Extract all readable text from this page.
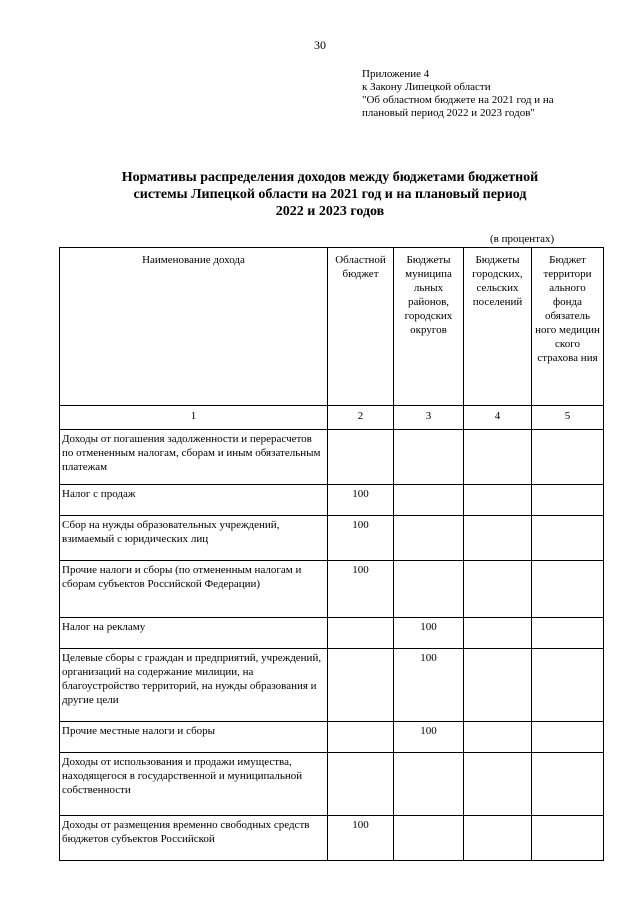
30
Приложение 4
к Закону Липецкой области
"Об областном бюджете на 2021 год и на
плановый период 2022 и 2023 годов"
Нормативы распределения доходов между бюджетами бюджетной
системы Липецкой области на 2021 год и на плановый период
2022 и 2023 годов
(в процентах)
Наименование дохода	Областной бюджет	Бюджеты муниципа льных районов, городских округов	Бюджеты городских, сельских поселений	Бюджет территори ального фонда обязатель ного медицин ского страхова ния
1	2	3	4	5
Доходы от погашения задолженности и перерасчетов по отмененным налогам, сборам и иным обязательным платежам				
Налог с продаж	100			
Сбор на нужды образовательных учреждений, взимаемый с юридических лиц	100			
Прочие налоги и сборы (по отмененным налогам и сборам субъектов Российской Федерации)	100			
Налог на рекламу		100		
Целевые сборы с граждан и предприятий, учреждений, организаций на содержание милиции, на благоустройство территорий, на нужды образования и другие цели		100		
Прочие местные налоги и сборы		100		
Доходы от использования и продажи имущества, находящегося в государственной и муниципальной собственности				
Доходы от размещения временно свободных средств бюджетов субъектов Российской	100			
